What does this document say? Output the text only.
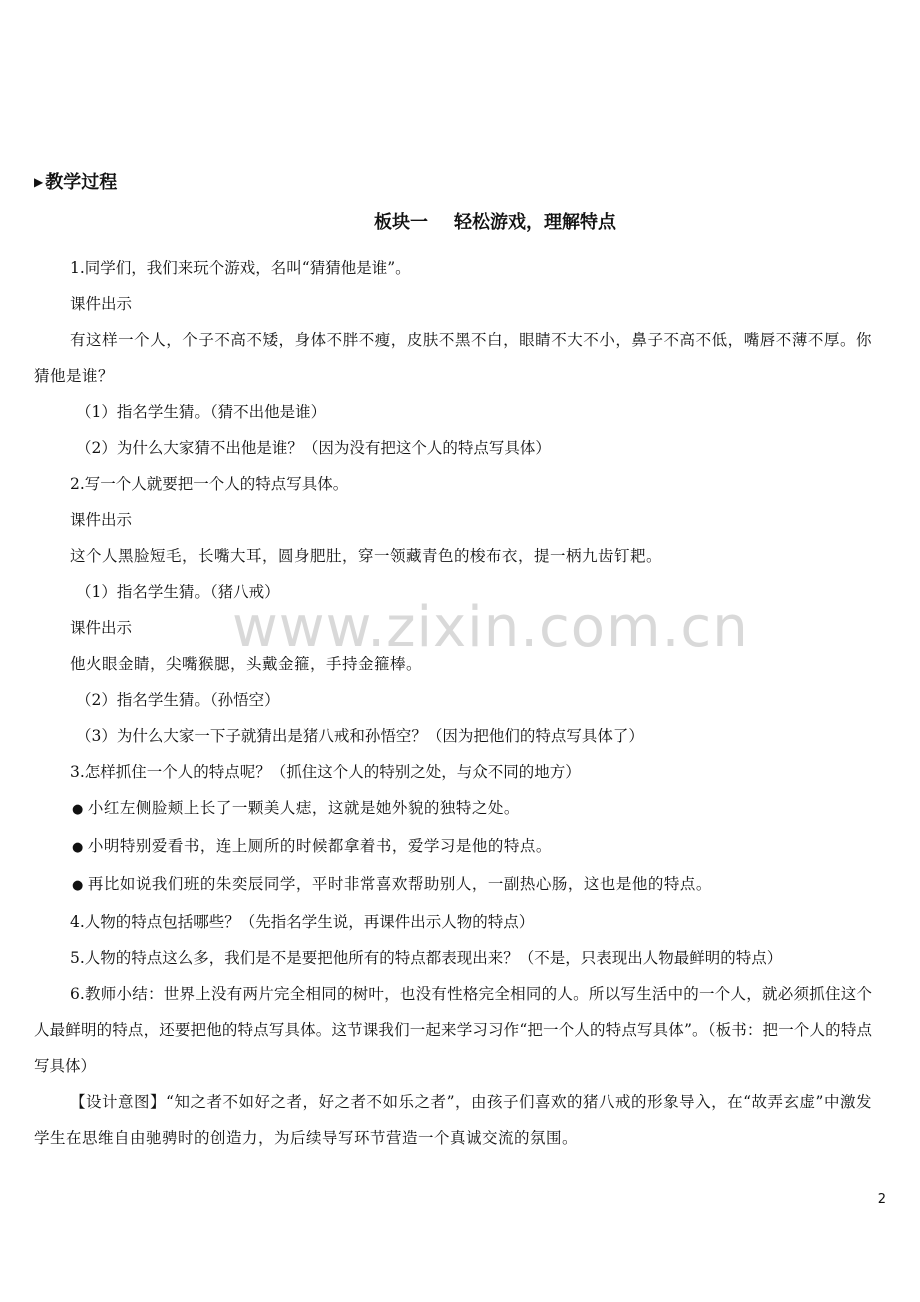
www.zixin.com.cn
▶ 教学过程
板块一 轻松游戏，理解特点

1.同学们，我们来玩个游戏，名叫“猜猜他是谁”。

课件出示

有这样一个人，个子不高不矮，身体不胖不瘦，皮肤不黑不白，眼睛不大不小，鼻子不高不低，嘴唇不薄不厚。你猜他是谁？

（1）指名学生猜。（猜不出他是谁）

（2）为什么大家猜不出他是谁？（因为没有把这个人的特点写具体）

2.写一个人就要把一个人的特点写具体。

课件出示

这个人黑脸短毛，长嘴大耳，圆身肥肚，穿一领藏青色的梭布衣，提一柄九齿钉耙。

（1）指名学生猜。（猪八戒）

课件出示

他火眼金睛，尖嘴猴腮，头戴金箍，手持金箍棒。

（2）指名学生猜。（孙悟空）

（3）为什么大家一下子就猜出是猪八戒和孙悟空？（因为把他们的特点写具体了）

3.怎样抓住一个人的特点呢？（抓住这个人的特别之处，与众不同的地方）

● 小红左侧脸颊上长了一颗美人痣，这就是她外貌的独特之处。

● 小明特别爱看书，连上厕所的时候都拿着书，爱学习是他的特点。

● 再比如说我们班的朱奕辰同学，平时非常喜欢帮助别人，一副热心肠，这也是他的特点。

4.人物的特点包括哪些？（先指名学生说，再课件出示人物的特点）

5.人物的特点这么多，我们是不是要把他所有的特点都表现出来？（不是，只表现出人物最鲜明的特点）

6.教师小结：世界上没有两片完全相同的树叶，也没有性格完全相同的人。所以写生活中的一个人，就必须抓住这个人最鲜明的特点，还要把他的特点写具体。这节课我们一起来学习习作“把一个人的特点写具体”。（板书：把一个人的特点写具体）

【设计意图】“知之者不如好之者，好之者不如乐之者”，由孩子们喜欢的猪八戒的形象导入，在“故弄玄虚”中激发学生在思维自由驰骋时的创造力，为后续导写环节营造一个真诚交流的氛围。

2
